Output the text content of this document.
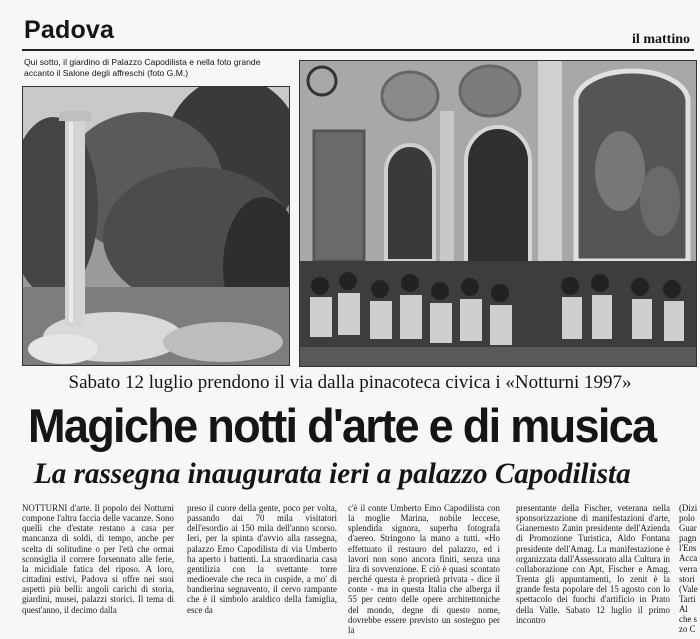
Padova	il mattino
Qui sotto, il giardino di Palazzo Capodilista e nella foto grande accanto il Salone degli affreschi (foto G.M.)
Sabato 12 luglio prendono il via dalla pinacoteca civica i «Notturni 1997»
Magiche notti d'arte e di musica
La rassegna inaugurata ieri a palazzo Capodilista

NOTTURNI d'arte. Il popolo dei Notturni compone l'altra faccia delle vacanze. Sono quelli che d'estate restano a casa per mancanza di soldi, di tempo, anche per scelta di solitudine o per l'età che ormai sconsiglia il correre forsennato alle ferie, la micidiale fatica del riposo. A loro, cittadini estivi, Padova si offre nei suoi aspetti più belli: angoli carichi di storia, giardini, musei, palazzi storici. Il tema di quest'anno, il decimo dalla

preso il cuore della gente, poco per volta, passando dai 70 mila visitatori dell'esordio ai 150 mila dell'anno scorso. Ieri, per la spinta d'avvio alla rassegna, palazzo Emo Capodilista di via Umberto ha aperto i battenti. La straordinaria casa gentilizia con la svettante torre medioevale che reca in cuspide, a mo' di bandierina segnavento, il cervo rampante che è il simbolo araldico della famiglia, esce da

c'è il conte Umberto Emo Capodilista con la moglie Marina, nobile leccese, splendida signora, superba fotografa d'aereo. Stringono la mano a tutti. «Ho effettuato il restauro del palazzo, ed i lavori non sono ancora finiti, senza una lira di sovvenzione. E ciò è quasi scontato perché questa è proprietà privata - dice il conte - ma in questa Italia che alberga il 55 per cento delle opere architettoniche del mondo, degne di questo nome, dovrebbe essere previsto un sostegno per la

presentante della Fischer, veterana nella sponsorizzazione di manifestazioni d'arte, Gianernesto Zanin presidente dell'Azienda di Promozione Turistica, Aldo Fontana presidente dell'Amag. La manifestazione è organizzata dall'Assessorato alla Cultura in collaborazione con Apt, Fischer e Amag. Trenta gli appuntamenti, lo zenit è la grande festa popolare del 15 agosto con lo spettacolo dei fuochi d'artificio in Prato della Valle. Sabato 12 luglio il primo incontro

(Dizi
polo
Guar
pagn
l'Ens
Acca
verra
stori
(Vale
Tarti
Al
che s
zo C
